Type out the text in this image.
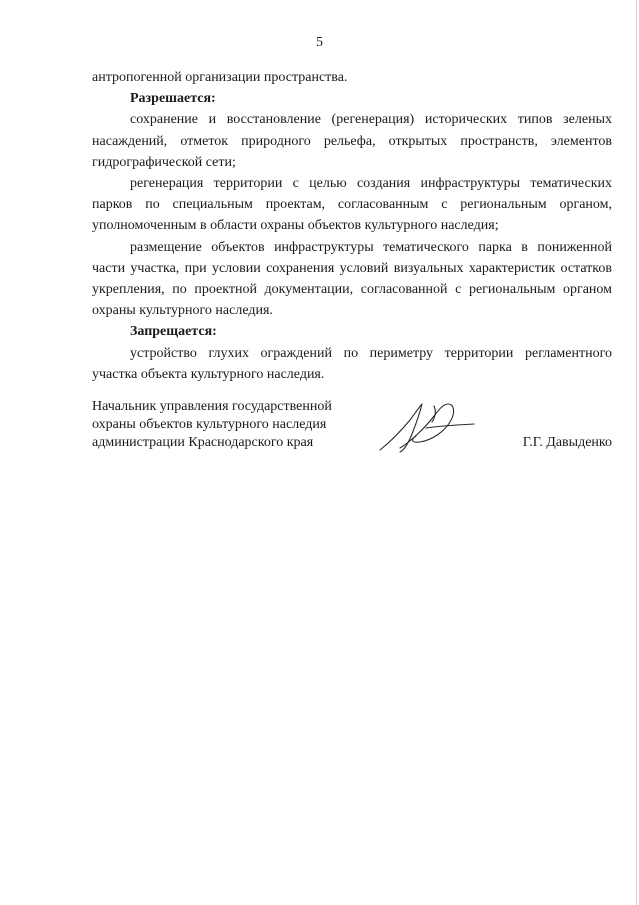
5

антропогенной организации пространства.

Разрешается:

сохранение и восстановление (регенерация) исторических типов зеленых насаждений, отметок природного рельефа, открытых пространств, элементов гидрографической сети;

регенерация территории с целью создания инфраструктуры тематических парков по специальным проектам, согласованным с региональным органом, уполномоченным в области охраны объектов культурного наследия;

размещение объектов инфраструктуры тематического парка в пониженной части участка, при условии сохранения условий визуальных характеристик остатков укрепления, по проектной документации, согласованной с региональным органом охраны культурного наследия.

Запрещается:

устройство глухих ограждений по периметру территории регламентного участка объекта культурного наследия.

Начальник управления государственной
охраны объектов культурного наследия
администрации Краснодарского края	Г.Г. Давыденко
